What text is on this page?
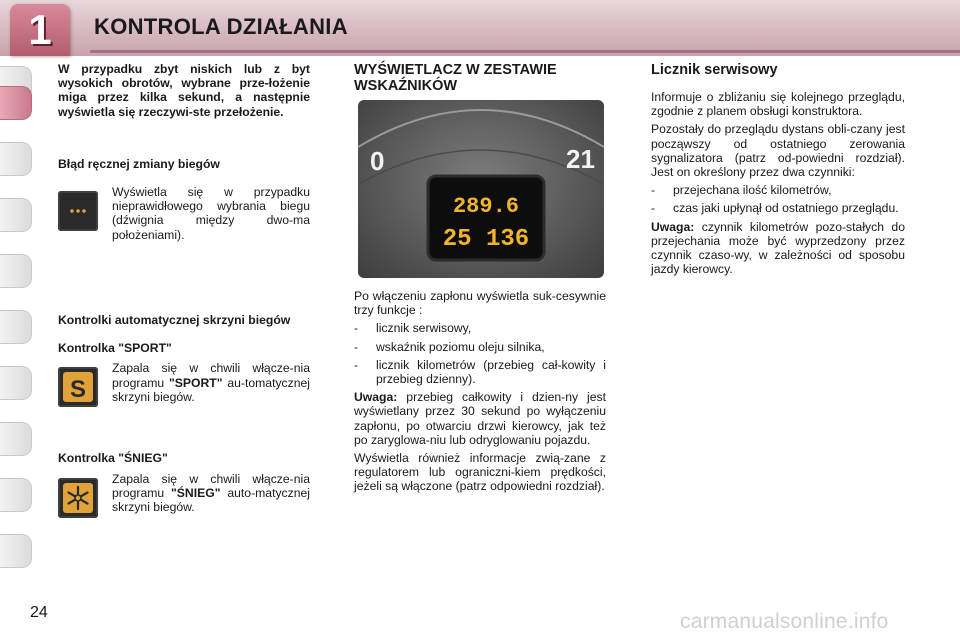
1	KONTROLA DZIAŁANIA
W przypadku zbyt niskich lub z byt wysokich obrotów, wybrane prze-łożenie miga przez kilka sekund, a następnie wyświetla się rzeczywi-ste przełożenie.
Błąd ręcznej zmiany biegów
Wyświetla się w przypadku nieprawidłowego wybrania biegu (dźwignia między dwo-ma położeniami).
Kontrolki automatycznej skrzyni biegów
Kontrolka "SPORT"
S
Zapala się w chwili włącze-nia programu "SPORT" au-tomatycznej skrzyni biegów.
Kontrolka "ŚNIEG"
Zapala się w chwili włącze-nia programu "ŚNIEG" auto-matycznej skrzyni biegów.
WYŚWIETLACZ W ZESTAWIE WSKAŹNIKÓW
0	21
289.6
25 136
Po włączeniu zapłonu wyświetla suk-cesywnie trzy funkcje :
- licznik serwisowy,
- wskaźnik poziomu oleju silnika,
- licznik kilometrów (przebieg cał-kowity i przebieg dzienny).
Uwaga: przebieg całkowity i dzien-ny jest wyświetlany przez 30 sekund po wyłączeniu zapłonu, po otwarciu drzwi kierowcy, jak też po zaryglowa-niu lub odryglowaniu pojazdu.
Wyświetla również informacje zwią-zane z regulatorem lub ograniczni-kiem prędkości, jeżeli są włączone (patrz odpowiedni rozdział).
Licznik serwisowy
Informuje o zbliżaniu się kolejnego przeglądu, zgodnie z planem obsługi konstruktora.
Pozostały do przeglądu dystans obli-czany jest począwszy od ostatniego zerowania sygnalizatora (patrz od-powiedni rozdział). Jest on określony przez dwa czynniki:
- przejechana ilość kilometrów,
- czas jaki upłynął od ostatniego przeglądu.
Uwaga: czynnik kilometrów pozo-stałych do przejechania może być wyprzedzony przez czynnik czaso-wy, w zależności od sposobu jazdy kierowcy.
24	carmanualsonline.info
